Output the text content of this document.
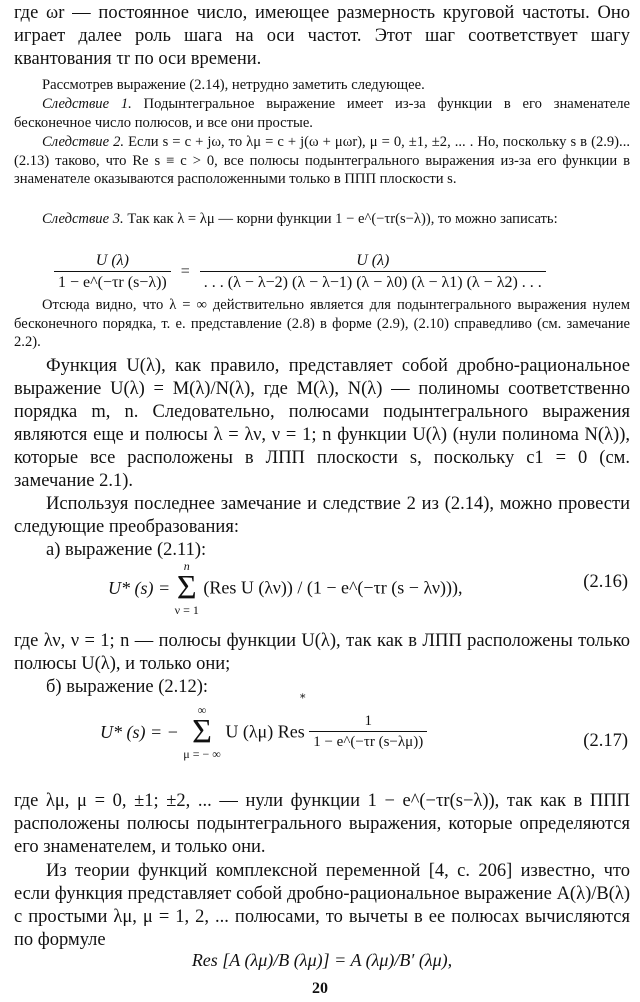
где ωr — постоянное число, имеющее размерность круговой частоты. Оно играет далее роль шага на оси частот. Этот шаг соответствует шагу квантования τr по оси времени.

Рассмотрев выражение (2.14), нетрудно заметить следующее.

Следствие 1. Подынтегральное выражение имеет из-за функции в его знаменателе бесконечное число полюсов, и все они простые.

Следствие 2. Если s = c + jω, то λμ = c + j(ω + μωr), μ = 0, ±1, ±2, ... . Но, поскольку s в (2.9)...(2.13) таково, что Re s ≡ c > 0, все полюсы подынтегрального выражения из-за его функции в знаменателе оказываются расположенными только в ППП плоскости s.

Следствие 3. Так как λ = λμ — корни функции 1 − e^(−τr(s−λ)), то можно записать:

$\frac{U (\lambda)}{1 - e\^{}(-\tau r (s-\lambda))} = \frac{U (\lambda)}{. . . (\lambda - \lambda-2) (\lambda - \lambda-1) (\lambda - \lambda 0) (\lambda - \lambda 1) (\lambda - \lambda 2) . . .}$

Отсюда видно, что λ = ∞ действительно является для подынтегрального выражения нулем бесконечного порядка, т. е. представление (2.8) в форме (2.9), (2.10) справедливо (см. замечание 2.2).

Функция U(λ), как правило, представляет собой дробно-рациональное выражение U(λ) = M(λ)/N(λ), где M(λ), N(λ) — полиномы соответственно порядка m, n. Следовательно, полюсами подынтегрального выражения являются еще и полюсы λ = λν, ν = 1; n функции U(λ) (нули полинома N(λ)), которые все расположены в ЛПП плоскости s, поскольку c1 = 0 (см. замечание 2.1).

Используя последнее замечание и следствие 2 из (2.14), можно провести следующие преобразования:

а) выражение (2.11):

U* (s) =
n
Σ
ν = 1
(Res U (λν)) / (1 − e^(−τr (s − λν))),	(2.16)

где λν, ν = 1; n — полюсы функции U(λ), так как в ЛПП расположены только полюсы U(λ), и только они;

б) выражение (2.12):	⁎
U* (s) = −
∞
Σ
μ = − ∞
U (λμ) Res $\frac{1}{1 - e\^{}(-\tau r (s-\lambda\mu))}$	(2.17)

где λμ, μ = 0, ±1; ±2, ... — нули функции 1 − e^(−τr(s−λ)), так как в ППП расположены полюсы подынтегрального выражения, которые определяются его знаменателем, и только они.

Из теории функций комплексной переменной [4, с. 206] известно, что если функция представляет собой дробно-рациональное выражение A(λ)/B(λ) с простыми λμ, μ = 1, 2, ... полюсами, то вычеты в ее полюсах вычисляются по формуле

Res [A (λμ)/B (λμ)] = A (λμ)/B′ (λμ),
20
